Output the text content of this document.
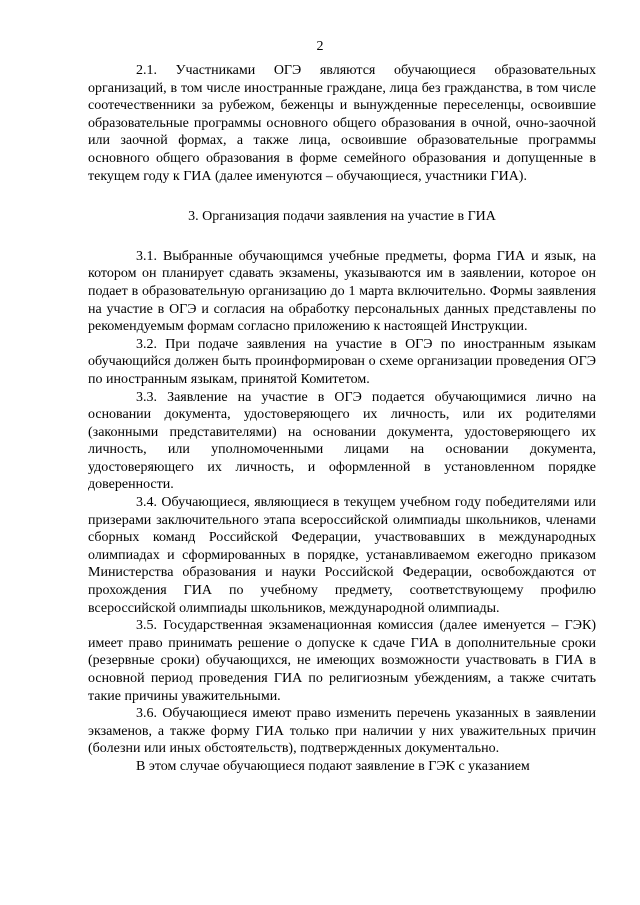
2

2.1. Участниками ОГЭ являются обучающиеся образовательных организаций, в том числе иностранные граждане, лица без гражданства, в том числе соотечественники за рубежом, беженцы и вынужденные переселенцы, освоившие образовательные программы основного общего образования в очной, очно-заочной или заочной формах, а также лица, освоившие образовательные программы основного общего образования в форме семейного образования и допущенные в текущем году к ГИА (далее именуются – обучающиеся, участники ГИА).

3. Организация подачи заявления на участие в ГИА

3.1. Выбранные обучающимся учебные предметы, форма ГИА и язык, на котором он планирует сдавать экзамены, указываются им в заявлении, которое он подает в образовательную организацию до 1 марта включительно. Формы заявления на участие в ОГЭ и согласия на обработку персональных данных представлены по рекомендуемым формам согласно приложению к настоящей Инструкции.

3.2. При подаче заявления на участие в ОГЭ по иностранным языкам обучающийся должен быть проинформирован о схеме организации проведения ОГЭ по иностранным языкам, принятой Комитетом.

3.3. Заявление на участие в ОГЭ подается обучающимися лично на основании документа, удостоверяющего их личность, или их родителями (законными представителями) на основании документа, удостоверяющего их личность, или уполномоченными лицами на основании документа, удостоверяющего их личность, и оформленной в установленном порядке доверенности.

3.4. Обучающиеся, являющиеся в текущем учебном году победителями или призерами заключительного этапа всероссийской олимпиады школьников, членами сборных команд Российской Федерации, участвовавших в международных олимпиадах и сформированных в порядке, устанавливаемом ежегодно приказом Министерства образования и науки Российской Федерации, освобождаются от прохождения ГИА по учебному предмету, соответствующему профилю всероссийской олимпиады школьников, международной олимпиады.

3.5. Государственная экзаменационная комиссия (далее именуется – ГЭК) имеет право принимать решение о допуске к сдаче ГИА в дополнительные сроки (резервные сроки) обучающихся, не имеющих возможности участвовать в ГИА в основной период проведения ГИА по религиозным убеждениям, а также считать такие причины уважительными.

3.6. Обучающиеся имеют право изменить перечень указанных в заявлении экзаменов, а также форму ГИА только при наличии у них уважительных причин (болезни или иных обстоятельств), подтвержденных документально.

В этом случае обучающиеся подают заявление в ГЭК с указанием
